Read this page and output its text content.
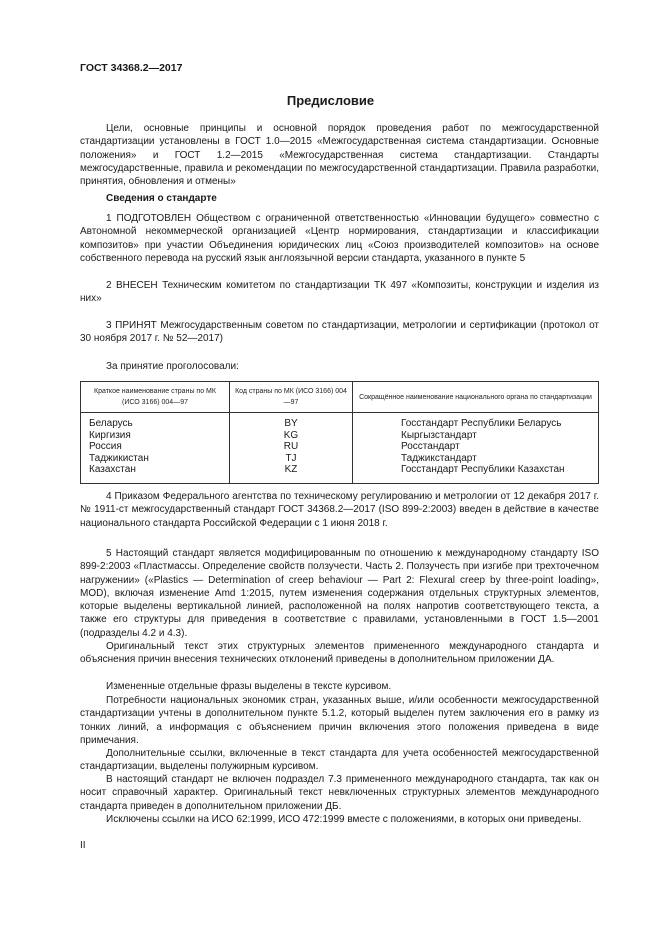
ГОСТ 34368.2—2017
Предисловие

Цели, основные принципы и основной порядок проведения работ по межгосударственной стандартизации установлены в ГОСТ 1.0—2015 «Межгосударственная система стандартизации. Основные положения» и ГОСТ 1.2—2015 «Межгосударственная система стандартизации. Стандарты межгосударственные, правила и рекомендации по межгосударственной стандартизации. Правила разработки, принятия, обновления и отмены»

Сведения о стандарте

1 ПОДГОТОВЛЕН Обществом с ограниченной ответственностью «Инновации будущего» совместно с Автономной некоммерческой организацией «Центр нормирования, стандартизации и классификации композитов» при участии Объединения юридических лиц «Союз производителей композитов» на основе собственного перевода на русский язык англоязычной версии стандарта, указанного в пункте 5

2 ВНЕСЕН Техническим комитетом по стандартизации ТК 497 «Композиты, конструкции и изделия из них»

3 ПРИНЯТ Межгосударственным советом по стандартизации, метрологии и сертификации (протокол от 30 ноября 2017 г. № 52—2017)

За принятие проголосовали:

Краткое наименование страны по МК (ИСО 3166) 004—97	Код страны по МК (ИСО 3166) 004—97	Сокращённое наименование национального органа по стандартизации
Беларусь	BY	Госстандарт Республики Беларусь
Киргизия	KG	Кыргызстандарт
Россия	RU	Росстандарт
Таджикистан	TJ	Таджикстандарт
Казахстан	KZ	Госстандарт Республики Казахстан

4 Приказом Федерального агентства по техническому регулированию и метрологии от 12 декабря 2017 г. № 1911-ст межгосударственный стандарт ГОСТ 34368.2—2017 (ISO 899-2:2003) введен в действие в качестве национального стандарта Российской Федерации с 1 июня 2018 г.

5 Настоящий стандарт является модифицированным по отношению к международному стандарту ISO 899-2:2003 «Пластмассы. Определение свойств ползучести. Часть 2. Ползучесть при изгибе при трехточечном нагружении» («Plastics — Determination of creep behaviour — Part 2: Flexural creep by three-point loading», MOD), включая изменение Amd 1:2015, путем изменения содержания отдельных структурных элементов, которые выделены вертикальной линией, расположенной на полях напротив соответствующего текста, а также его структуры для приведения в соответствие с правилами, установленными в ГОСТ 1.5—2001 (подразделы 4.2 и 4.3).

Оригинальный текст этих структурных элементов примененного международного стандарта и объяснения причин внесения технических отклонений приведены в дополнительном приложении ДА.

Измененные отдельные фразы выделены в тексте курсивом.

Потребности национальных экономик стран, указанных выше, и/или особенности межгосударственной стандартизации учтены в дополнительном пункте 5.1.2, который выделен путем заключения его в рамку из тонких линий, а информация с объяснением причин включения этого положения приведена в виде примечания.

Дополнительные ссылки, включенные в текст стандарта для учета особенностей межгосударственной стандартизации, выделены полужирным курсивом.

В настоящий стандарт не включен подраздел 7.3 примененного международного стандарта, так как он носит справочный характер. Оригинальный текст невключенных структурных элементов международного стандарта приведен в дополнительном приложении ДБ.

Исключены ссылки на ИСО 62:1999, ИСО 472:1999 вместе с положениями, в которых они приведены.

II
